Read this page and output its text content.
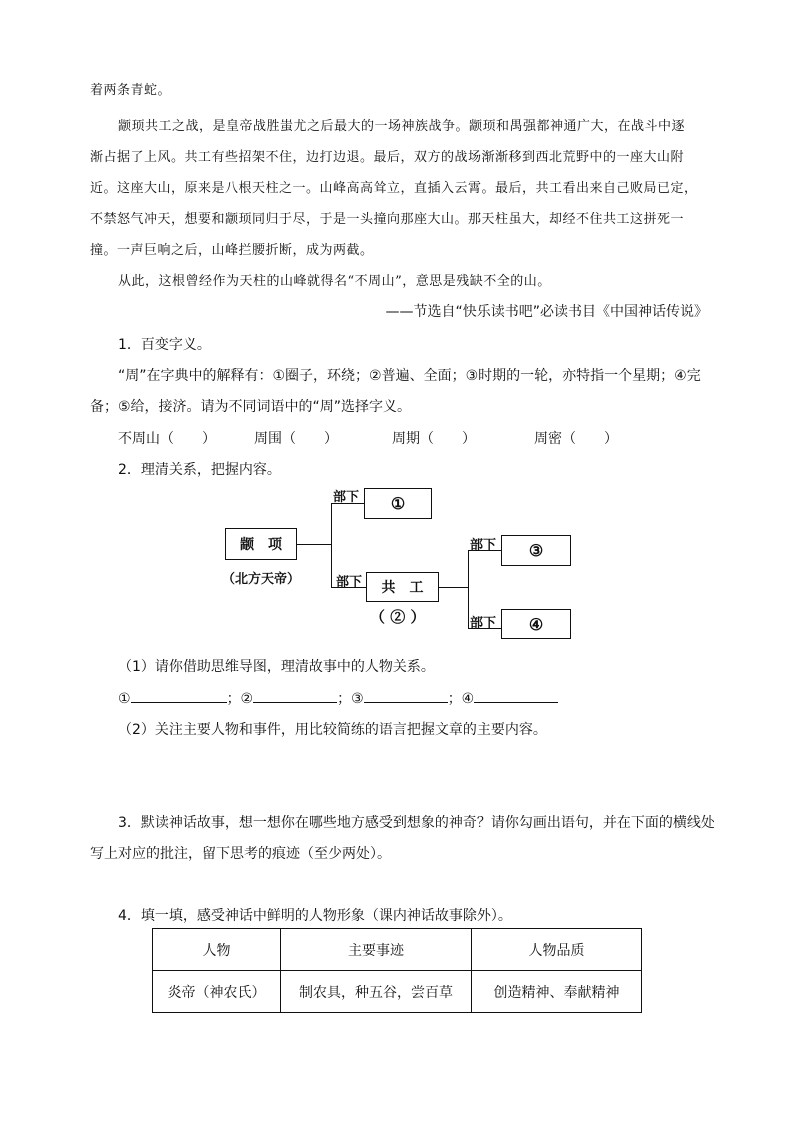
着两条青蛇。
颛顼共工之战，是皇帝战胜蚩尤之后最大的一场神族战争。颛顼和禺强都神通广大，在战斗中逐
渐占据了上风。共工有些招架不住，边打边退。最后，双方的战场渐渐移到西北荒野中的一座大山附
近。这座大山，原来是八根天柱之一。山峰高高耸立，直插入云霄。最后，共工看出来自己败局已定，
不禁怒气冲天，想要和颛顼同归于尽，于是一头撞向那座大山。那天柱虽大，却经不住共工这拼死一
撞。一声巨响之后，山峰拦腰折断，成为两截。
从此，这根曾经作为天柱的山峰就得名“不周山”，意思是残缺不全的山。
——节选自“快乐读书吧”必读书目《中国神话传说》
1．百变字义。
“周”在字典中的解释有：①圈子，环绕；②普遍、全面；③时期的一轮，亦特指一个星期；④完
备；⑤给，接济。请为不同词语中的“周”选择字义。
不周山（　　）	周围（　　）	周期（　　）	周密（　　）
2．理清关系，把握内容。
颛　项
（北方天帝）
部下	①
部下	共　工
（ ② ）
部下	③
部下	④
（1）请你借助思维导图，理清故事中的人物关系。
①	；②	；③	；④
（2）关注主要人物和事件，用比较简练的语言把握文章的主要内容。
3．默读神话故事，想一想你在哪些地方感受到想象的神奇？请你勾画出语句，并在下面的横线处
写上对应的批注，留下思考的痕迹（至少两处）。
4．填一填，感受神话中鲜明的人物形象（课内神话故事除外）。
人物	主要事迹	人物品质
炎帝（神农氏）	制农具，种五谷，尝百草	创造精神、奉献精神
